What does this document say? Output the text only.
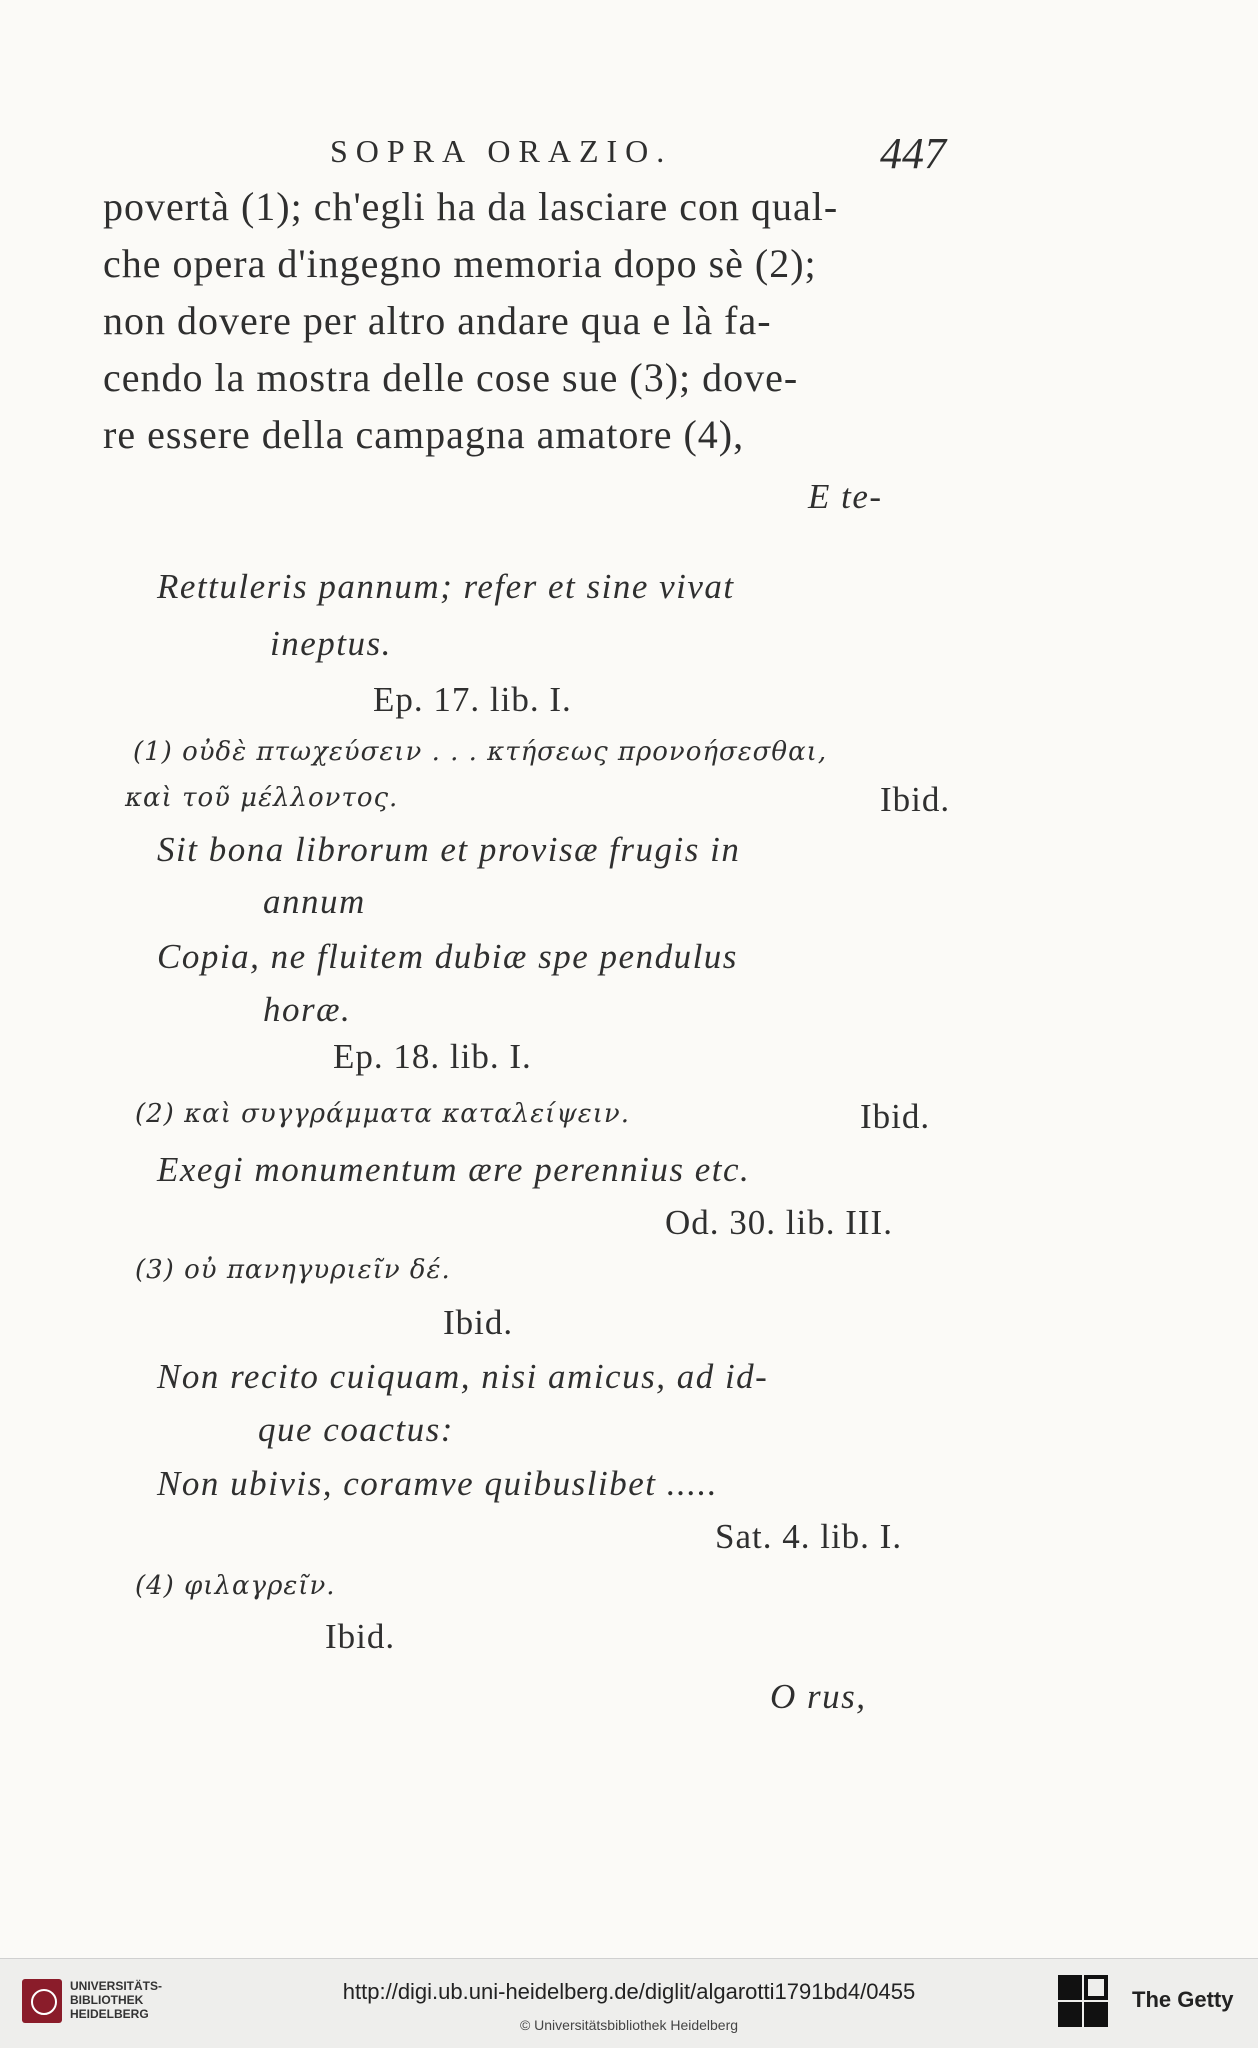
SOPRA ORAZIO.	447
povertà (1); ch'egli ha da lasciare con qual-
che opera d'ingegno memoria dopo sè (2);
non dovere per altro andare qua e là fa-
cendo la mostra delle cose sue (3); dove-
re essere della campagna amatore (4),
E te-
Rettuleris pannum; refer et sine vivat
ineptus.
Ep. 17. lib. I.
(1) οὐδὲ πτωχεύσειν . . . κτήσεως προνοήσεσθαι,
καὶ τοῦ μέλλοντος.	Ibid.
Sit bona librorum et provisæ frugis in
annum
Copia, ne fluitem dubiæ spe pendulus
horæ.
Ep. 18. lib. I.
(2) καὶ συγγράμματα καταλείψειν.	Ibid.
Exegi monumentum ære perennius etc.
Od. 30. lib. III.
(3) οὐ πανηγυριεῖν δέ.
Ibid.
Non recito cuiquam, nisi amicus, ad id-
que coactus:
Non ubivis, coramve quibuslibet .....
Sat. 4. lib. I.
(4) φιλαγρεῖν.
Ibid.
O rus,
UNIVERSITÄTS-
BIBLIOTHEK
HEIDELBERG
http://digi.ub.uni-heidelberg.de/diglit/algarotti1791bd4/0455
© Universitätsbibliothek Heidelberg
The Getty
